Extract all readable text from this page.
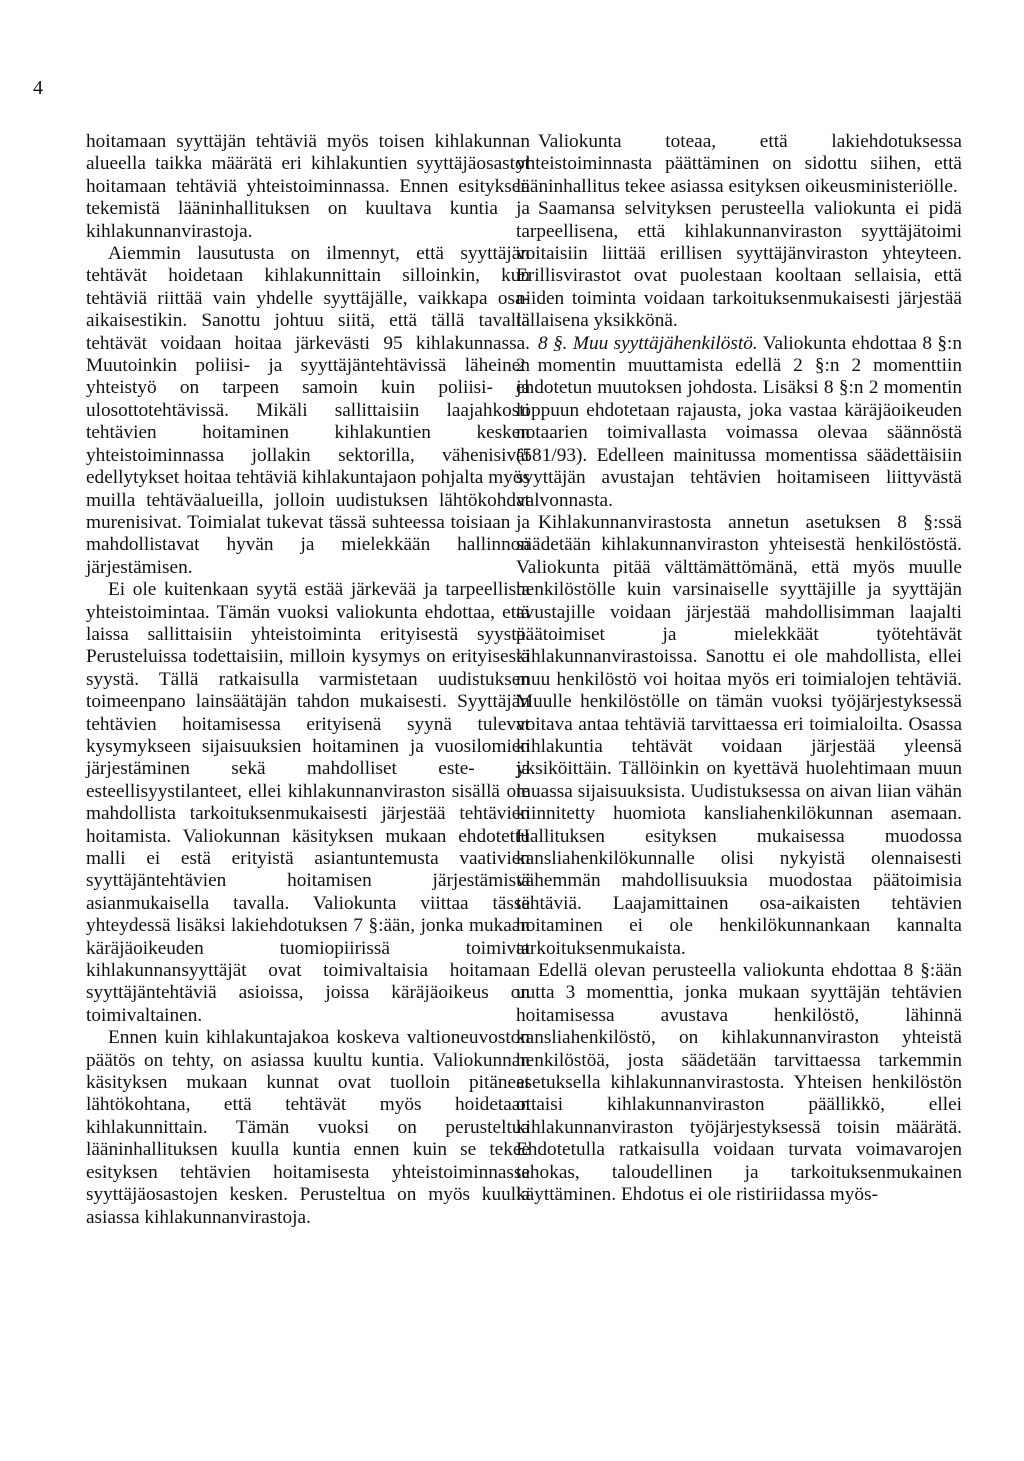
4

hoitamaan syyttäjän tehtäviä myös toisen kihlakunnan alueella taikka määrätä eri kihlakuntien syyttäjäosastot hoitamaan tehtäviä yhteistoiminnassa. Ennen esityksen tekemistä lääninhallituksen on kuultava kuntia ja kihlakunnanvirastoja.

Aiemmin lausutusta on ilmennyt, että syyttäjän tehtävät hoidetaan kihlakunnittain silloinkin, kun tehtäviä riittää vain yhdelle syyttäjälle, vaikkapa osa-aikaisestikin. Sanottu johtuu siitä, että tällä tavalla tehtävät voidaan hoitaa järkevästi 95 kihlakunnassa. Muutoinkin poliisi- ja syyttäjäntehtävissä läheinen yhteistyö on tarpeen samoin kuin poliisi- ja ulosottotehtävissä. Mikäli sallittaisiin laajahkosti tehtävien hoitaminen kihlakuntien kesken yhteistoiminnassa jollakin sektorilla, vähenisivät edellytykset hoitaa tehtäviä kihlakuntajaon pohjalta myös muilla tehtäväalueilla, jolloin uudistuksen lähtökohdat murenisivat. Toimialat tukevat tässä suhteessa toisiaan ja mahdollistavat hyvän ja mielekkään hallinnon järjestämisen.

Ei ole kuitenkaan syytä estää järkevää ja tarpeellista yhteistoimintaa. Tämän vuoksi valiokunta ehdottaa, että laissa sallittaisiin yhteistoiminta erityisestä syystä. Perusteluissa todettaisiin, milloin kysymys on erityisestä syystä. Tällä ratkaisulla varmistetaan uudistuksen toimeenpano lainsäätäjän tahdon mukaisesti. Syyttäjän tehtävien hoitamisessa erityisenä syynä tulevat kysymykseen sijaisuuksien hoitaminen ja vuosilomien järjestäminen sekä mahdolliset este- ja esteellisyystilanteet, ellei kihlakunnanviraston sisällä ole mahdollista tarkoituksenmukaisesti järjestää tehtävien hoitamista. Valiokunnan käsityksen mukaan ehdotettu malli ei estä erityistä asiantuntemusta vaativien syyttäjäntehtävien hoitamisen järjestämistä asianmukaisella tavalla. Valiokunta viittaa tässä yhteydessä lisäksi lakiehdotuksen 7 §:ään, jonka mukaan käräjäoikeuden tuomiopiirissä toimivat kihlakunnansyyttäjät ovat toimivaltaisia hoitamaan syyttäjäntehtäviä asioissa, joissa käräjäoikeus on toimivaltainen.

Ennen kuin kihlakuntajakoa koskeva valtioneuvoston päätös on tehty, on asiassa kuultu kuntia. Valiokunnan käsityksen mukaan kunnat ovat tuolloin pitäneet lähtökohtana, että tehtävät myös hoidetaan kihlakunnittain. Tämän vuoksi on perusteltua lääninhallituksen kuulla kuntia ennen kuin se tekee esityksen tehtävien hoitamisesta yhteistoiminnassa syyttäjäosastojen kesken. Perusteltua on myös kuulla asiassa kihlakunnanvirastoja.

Valiokunta toteaa, että lakiehdotuksessa yhteistoiminnasta päättäminen on sidottu siihen, että lääninhallitus tekee asiassa esityksen oikeusministeriölle.

Saamansa selvityksen perusteella valiokunta ei pidä tarpeellisena, että kihlakunnanviraston syyttäjätoimi voitaisiin liittää erillisen syyttäjänviraston yhteyteen. Erillisvirastot ovat puolestaan kooltaan sellaisia, että niiden toiminta voidaan tarkoituksenmukaisesti järjestää tällaisena yksikkönä.

8 §. Muu syyttäjähenkilöstö. Valiokunta ehdottaa 8 §:n 2 momentin muuttamista edellä 2 §:n 2 momenttiin ehdotetun muutoksen johdosta. Lisäksi 8 §:n 2 momentin loppuun ehdotetaan rajausta, joka vastaa käräjäoikeuden notaarien toimivallasta voimassa olevaa säännöstä (581/93). Edelleen mainitussa momentissa säädettäisiin syyttäjän avustajan tehtävien hoitamiseen liittyvästä valvonnasta.

Kihlakunnanvirastosta annetun asetuksen 8 §:ssä säädetään kihlakunnanviraston yhteisestä henkilöstöstä. Valiokunta pitää välttämättömänä, että myös muulle henkilöstölle kuin varsinaiselle syyttäjille ja syyttäjän avustajille voidaan järjestää mahdollisimman laajalti päätoimiset ja mielekkäät työtehtävät kihlakunnanvirastoissa. Sanottu ei ole mahdollista, ellei muu henkilöstö voi hoitaa myös eri toimialojen tehtäviä. Muulle henkilöstölle on tämän vuoksi työjärjestyksessä voitava antaa tehtäviä tarvittaessa eri toimialoilta. Osassa kihlakuntia tehtävät voidaan järjestää yleensä yksiköittäin. Tällöinkin on kyettävä huolehtimaan muun muassa sijaisuuksista. Uudistuksessa on aivan liian vähän kiinnitetty huomiota kansliahenkilökunnan asemaan. Hallituksen esityksen mukaisessa muodossa kansliahenkilökunnalle olisi nykyistä olennaisesti vähemmän mahdollisuuksia muodostaa päätoimisia tehtäviä. Laajamittainen osa-aikaisten tehtävien hoitaminen ei ole henkilökunnankaan kannalta tarkoituksenmukaista.

Edellä olevan perusteella valiokunta ehdottaa 8 §:ään uutta 3 momenttia, jonka mukaan syyttäjän tehtävien hoitamisessa avustava henkilöstö, lähinnä kansliahenkilöstö, on kihlakunnanviraston yhteistä henkilöstöä, josta säädetään tarvittaessa tarkemmin asetuksella kihlakunnanvirastosta. Yhteisen henkilöstön ottaisi kihlakunnanviraston päällikkö, ellei kihlakunnanviraston työjärjestyksessä toisin määrätä. Ehdotetulla ratkaisulla voidaan turvata voimavarojen tehokas, taloudellinen ja tarkoituksenmukainen käyttäminen. Ehdotus ei ole ristiriidassa myös-
